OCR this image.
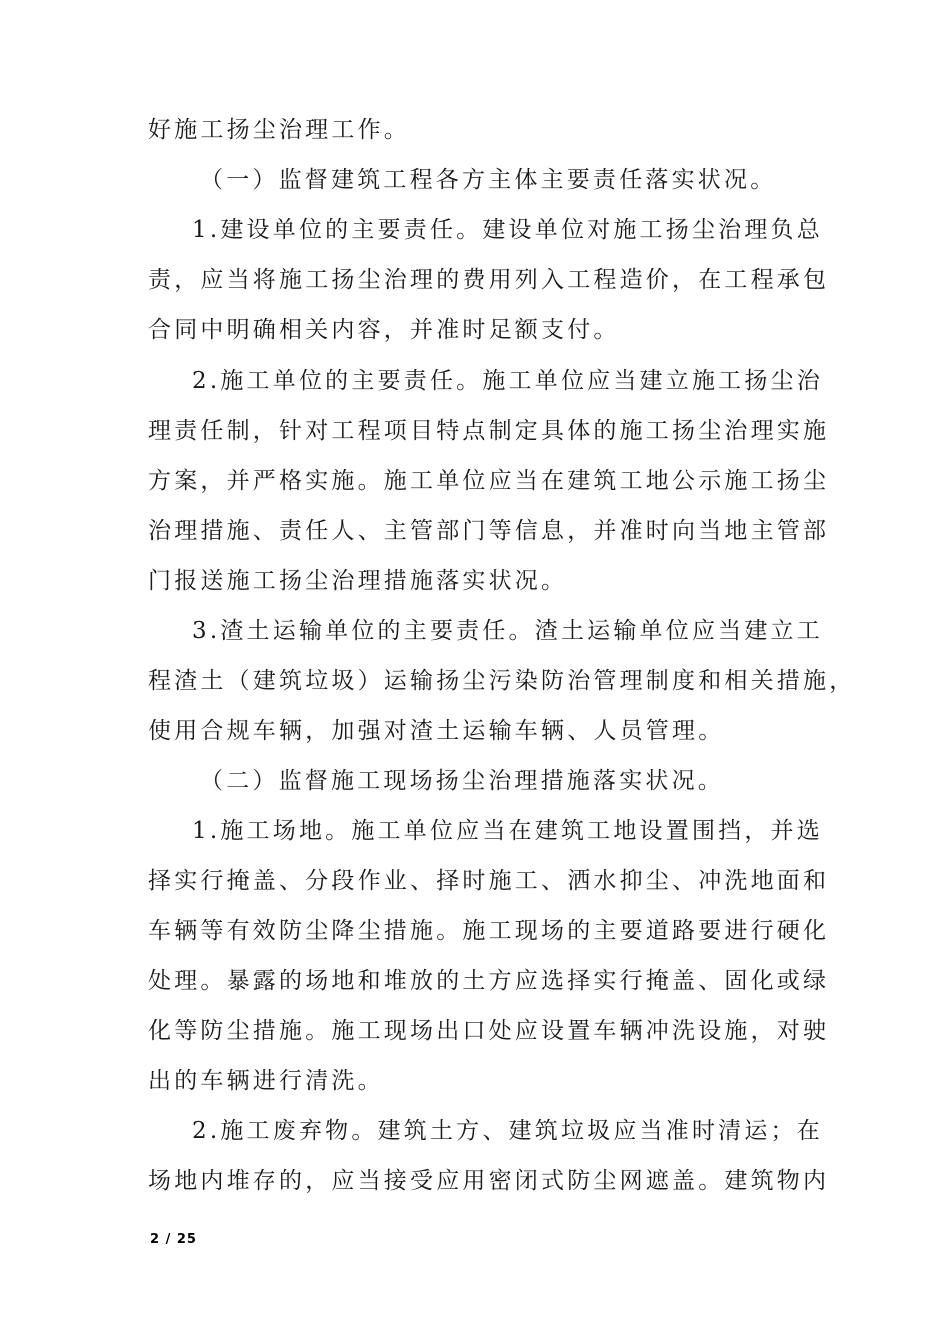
好施工扬尘治理工作。
（一）监督建筑工程各方主体主要责任落实状况。
1.建设单位的主要责任。建设单位对施工扬尘治理负总
责，应当将施工扬尘治理的费用列入工程造价，在工程承包
合同中明确相关内容，并准时足额支付。
2.施工单位的主要责任。施工单位应当建立施工扬尘治
理责任制，针对工程项目特点制定具体的施工扬尘治理实施
方案，并严格实施。施工单位应当在建筑工地公示施工扬尘
治理措施、责任人、主管部门等信息，并准时向当地主管部
门报送施工扬尘治理措施落实状况。
3.渣土运输单位的主要责任。渣土运输单位应当建立工
程渣土（建筑垃圾）运输扬尘污染防治管理制度和相关措施，
使用合规车辆，加强对渣土运输车辆、人员管理。
（二）监督施工现场扬尘治理措施落实状况。
1.施工场地。施工单位应当在建筑工地设置围挡，并选
择实行掩盖、分段作业、择时施工、洒水抑尘、冲洗地面和
车辆等有效防尘降尘措施。施工现场的主要道路要进行硬化
处理。暴露的场地和堆放的土方应选择实行掩盖、固化或绿
化等防尘措施。施工现场出口处应设置车辆冲洗设施，对驶
出的车辆进行清洗。
2.施工废弃物。建筑土方、建筑垃圾应当准时清运；在
场地内堆存的，应当接受应用密闭式防尘网遮盖。建筑物内
2 / 25
